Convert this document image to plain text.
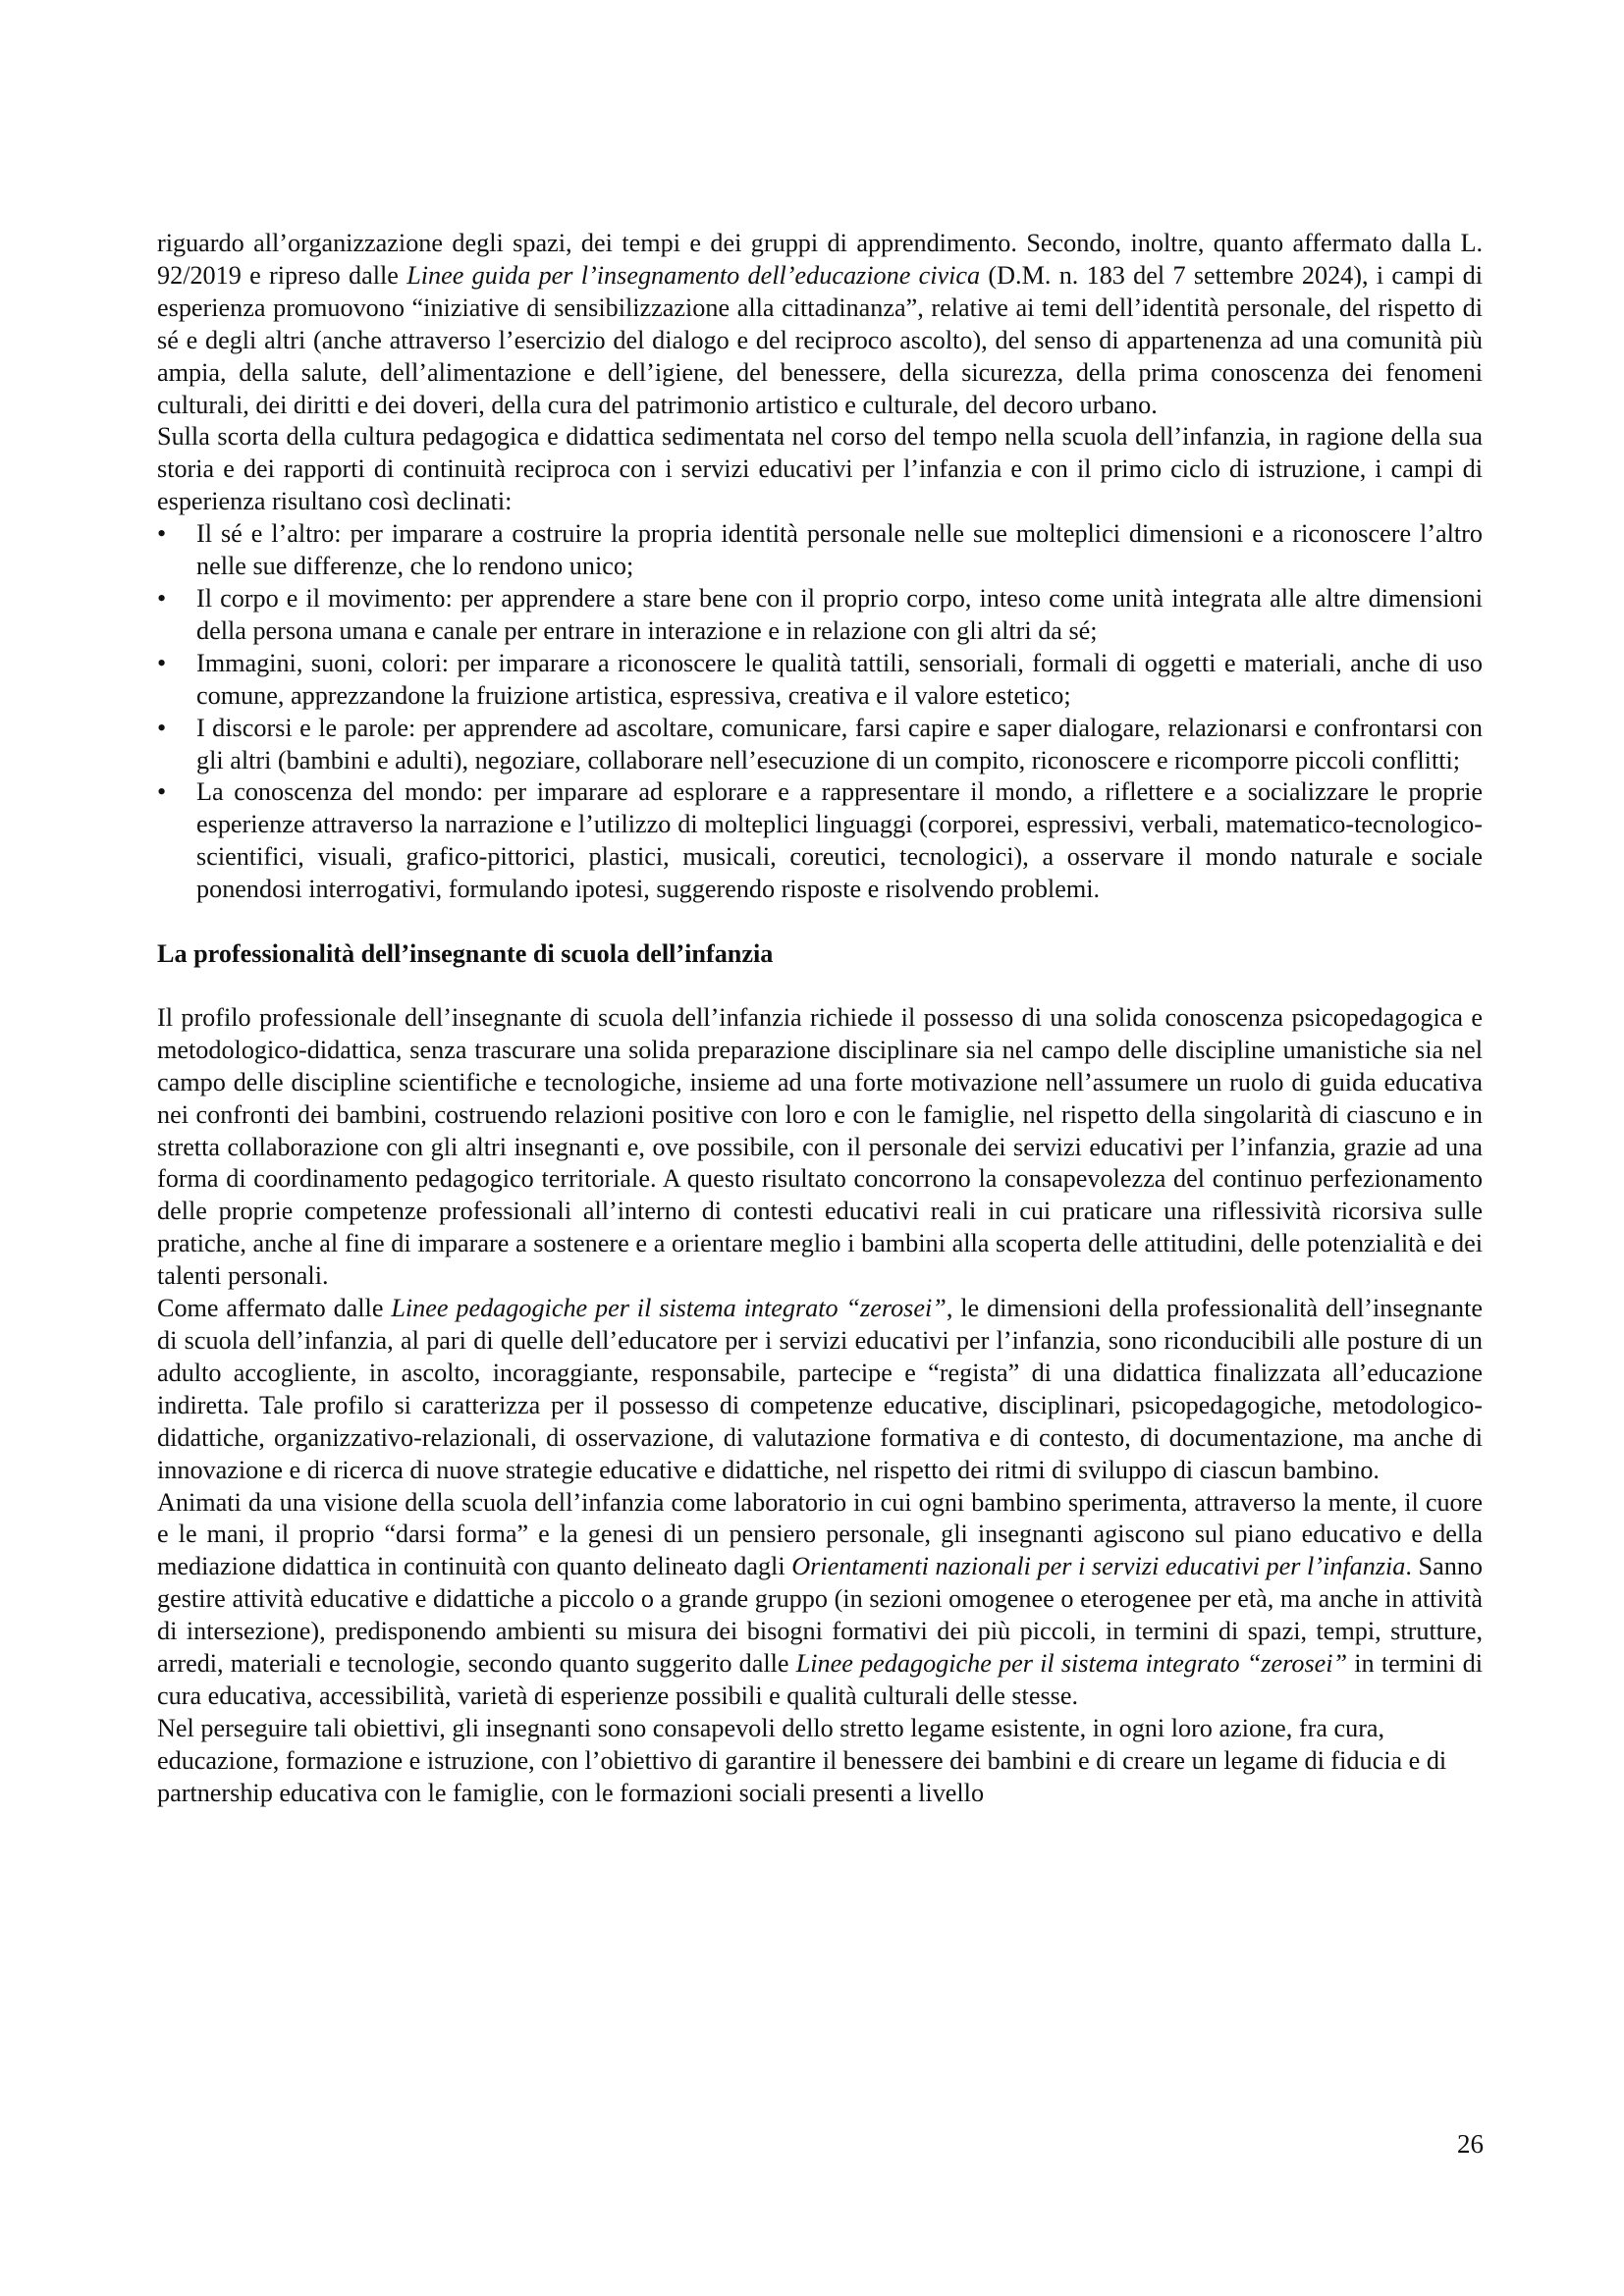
riguardo all’organizzazione degli spazi, dei tempi e dei gruppi di apprendimento. Secondo, inoltre, quanto affermato dalla L. 92/2019 e ripreso dalle Linee guida per l’insegnamento dell’educazione civica (D.M. n. 183 del 7 settembre 2024), i campi di esperienza promuovono “iniziative di sensibilizzazione alla cittadinanza”, relative ai temi dell’identità personale, del rispetto di sé e degli altri (anche attraverso l’esercizio del dialogo e del reciproco ascolto), del senso di appartenenza ad una comunità più ampia, della salute, dell’alimentazione e dell’igiene, del benessere, della sicurezza, della prima conoscenza dei fenomeni culturali, dei diritti e dei doveri, della cura del patrimonio artistico e culturale, del decoro urbano.

Sulla scorta della cultura pedagogica e didattica sedimentata nel corso del tempo nella scuola dell’infanzia, in ragione della sua storia e dei rapporti di continuità reciproca con i servizi educativi per l’infanzia e con il primo ciclo di istruzione, i campi di esperienza risultano così declinati:

• Il sé e l’altro: per imparare a costruire la propria identità personale nelle sue molteplici dimensioni e a riconoscere l’altro nelle sue differenze, che lo rendono unico;
• Il corpo e il movimento: per apprendere a stare bene con il proprio corpo, inteso come unità integrata alle altre dimensioni della persona umana e canale per entrare in interazione e in relazione con gli altri da sé;
• Immagini, suoni, colori: per imparare a riconoscere le qualità tattili, sensoriali, formali di oggetti e materiali, anche di uso comune, apprezzandone la fruizione artistica, espressiva, creativa e il valore estetico;
• I discorsi e le parole: per apprendere ad ascoltare, comunicare, farsi capire e saper dialogare, relazionarsi e confrontarsi con gli altri (bambini e adulti), negoziare, collaborare nell’esecuzione di un compito, riconoscere e ricomporre piccoli conflitti;
• La conoscenza del mondo: per imparare ad esplorare e a rappresentare il mondo, a riflettere e a socializzare le proprie esperienze attraverso la narrazione e l’utilizzo di molteplici linguaggi (corporei, espressivi, verbali, matematico-tecnologico-scientifici, visuali, grafico-pittorici, plastici, musicali, coreutici, tecnologici), a osservare il mondo naturale e sociale ponendosi interrogativi, formulando ipotesi, suggerendo risposte e risolvendo problemi.
La professionalità dell’insegnante di scuola dell’infanzia

Il profilo professionale dell’insegnante di scuola dell’infanzia richiede il possesso di una solida conoscenza psicopedagogica e metodologico-didattica, senza trascurare una solida preparazione disciplinare sia nel campo delle discipline umanistiche sia nel campo delle discipline scientifiche e tecnologiche, insieme ad una forte motivazione nell’assumere un ruolo di guida educativa nei confronti dei bambini, costruendo relazioni positive con loro e con le famiglie, nel rispetto della singolarità di ciascuno e in stretta collaborazione con gli altri insegnanti e, ove possibile, con il personale dei servizi educativi per l’infanzia, grazie ad una forma di coordinamento pedagogico territoriale. A questo risultato concorrono la consapevolezza del continuo perfezionamento delle proprie competenze professionali all’interno di contesti educativi reali in cui praticare una riflessività ricorsiva sulle pratiche, anche al fine di imparare a sostenere e a orientare meglio i bambini alla scoperta delle attitudini, delle potenzialità e dei talenti personali.

Come affermato dalle Linee pedagogiche per il sistema integrato “zerosei”, le dimensioni della professionalità dell’insegnante di scuola dell’infanzia, al pari di quelle dell’educatore per i servizi educativi per l’infanzia, sono riconducibili alle posture di un adulto accogliente, in ascolto, incoraggiante, responsabile, partecipe e “regista” di una didattica finalizzata all’educazione indiretta. Tale profilo si caratterizza per il possesso di competenze educative, disciplinari, psicopedagogiche, metodologico-didattiche, organizzativo-relazionali, di osservazione, di valutazione formativa e di contesto, di documentazione, ma anche di innovazione e di ricerca di nuove strategie educative e didattiche, nel rispetto dei ritmi di sviluppo di ciascun bambino.

Animati da una visione della scuola dell’infanzia come laboratorio in cui ogni bambino sperimenta, attraverso la mente, il cuore e le mani, il proprio “darsi forma” e la genesi di un pensiero personale, gli insegnanti agiscono sul piano educativo e della mediazione didattica in continuità con quanto delineato dagli Orientamenti nazionali per i servizi educativi per l’infanzia. Sanno gestire attività educative e didattiche a piccolo o a grande gruppo (in sezioni omogenee o eterogenee per età, ma anche in attività di intersezione), predisponendo ambienti su misura dei bisogni formativi dei più piccoli, in termini di spazi, tempi, strutture, arredi, materiali e tecnologie, secondo quanto suggerito dalle Linee pedagogiche per il sistema integrato “zerosei” in termini di cura educativa, accessibilità, varietà di esperienze possibili e qualità culturali delle stesse.

Nel perseguire tali obiettivi, gli insegnanti sono consapevoli dello stretto legame esistente, in ogni loro azione, fra cura, educazione, formazione e istruzione, con l’obiettivo di garantire il benessere dei bambini e di creare un legame di fiducia e di partnership educativa con le famiglie, con le formazioni sociali presenti a livello

26
